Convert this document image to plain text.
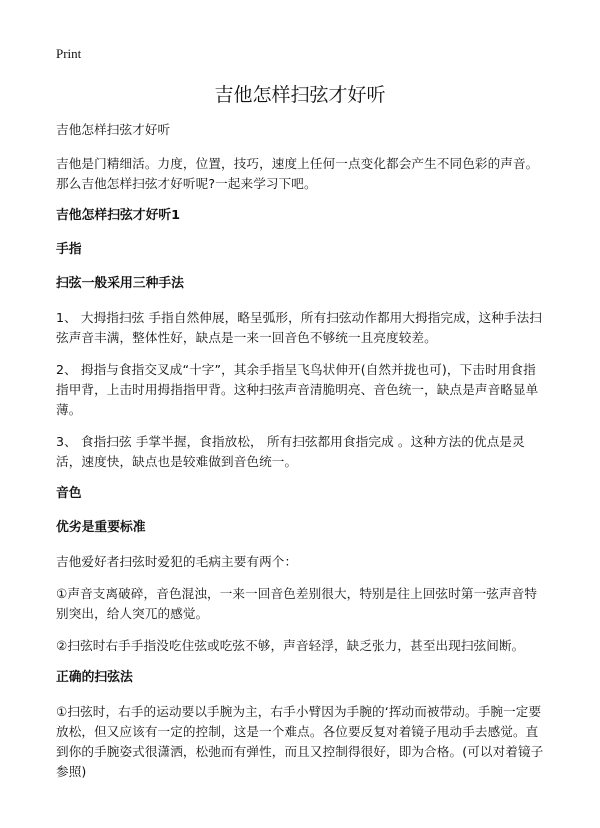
Print
吉他怎样扫弦才好听

吉他怎样扫弦才好听

吉他是门精细活。力度，位置，技巧，速度上任何一点变化都会产生不同色彩的声音。那么吉他怎样扫弦才好听呢?一起来学习下吧。

吉他怎样扫弦才好听1

手指

扫弦一般采用三种手法

1、 大拇指扫弦 手指自然伸展，略呈弧形，所有扫弦动作都用大拇指完成，这种手法扫弦声音丰满，整体性好，缺点是一来一回音色不够统一且亮度较差。

2、 拇指与食指交叉成“十字”，其余手指呈飞鸟状伸开(自然并拢也可)，下击时用食指指甲背，上击时用拇指指甲背。这种扫弦声音清脆明亮、音色统一，缺点是声音略显单薄。

3、 食指扫弦 手掌半握，食指放松， 所有扫弦都用食指完成 。这种方法的优点是灵活，速度快，缺点也是较难做到音色统一。

音色

优劣是重要标准

吉他爱好者扫弦时爱犯的毛病主要有两个：

①声音支离破碎，音色混浊，一来一回音色差别很大，特别是往上回弦时第一弦声音特别突出，给人突兀的感觉。

②扫弦时右手手指没吃住弦或吃弦不够，声音轻浮，缺乏张力，甚至出现扫弦间断。

正确的扫弦法

①扫弦时，右手的运动要以手腕为主，右手小臂因为手腕的‘挥动而被带动。手腕一定要放松，但又应该有一定的控制，这是一个难点。各位要反复对着镜子甩动手去感觉。直到你的手腕姿式很潇洒，松弛而有弹性，而且又控制得很好，即为合格。(可以对着镜子参照)
